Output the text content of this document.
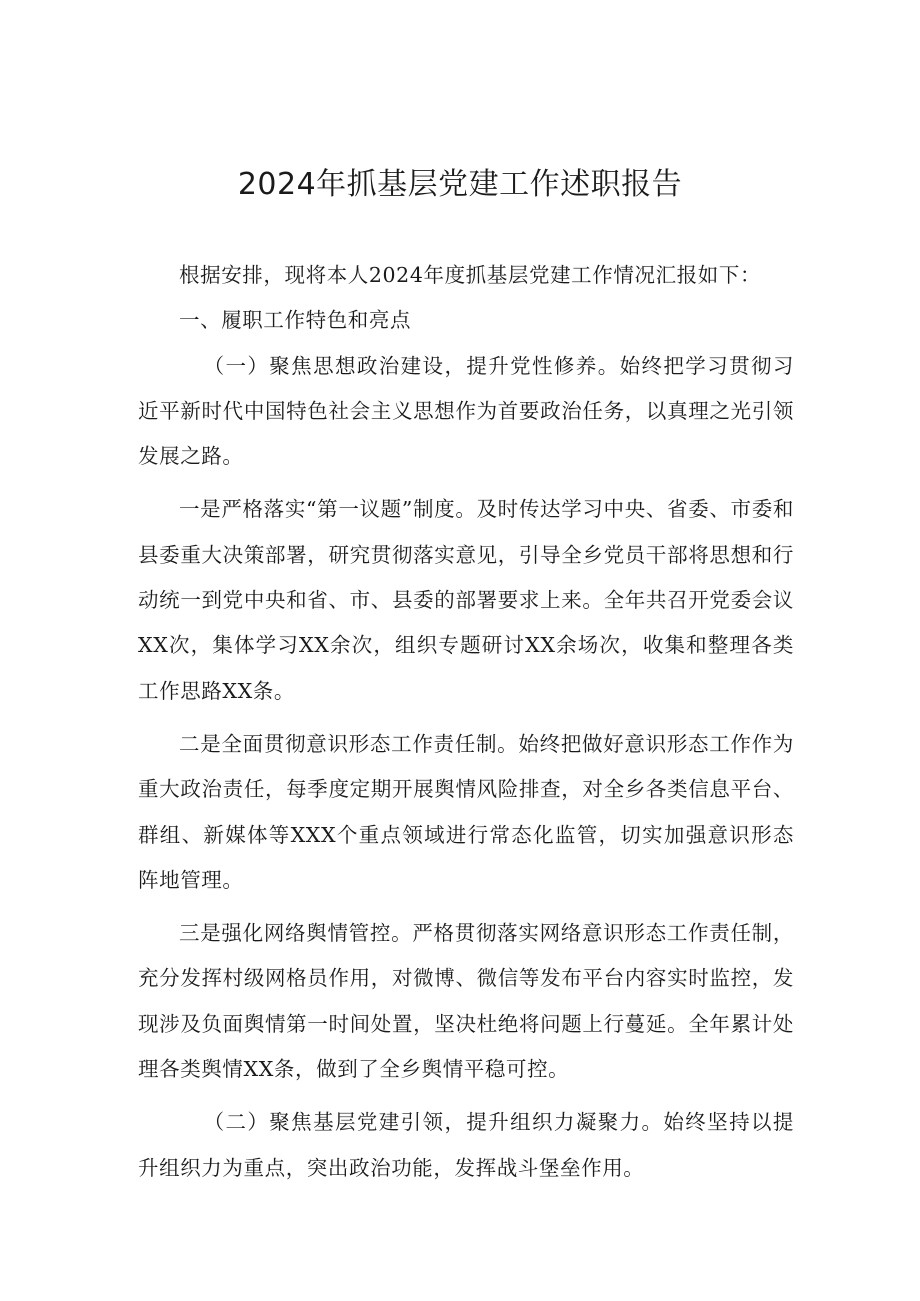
2024年抓基层党建工作述职报告

根据安排，现将本人2024年度抓基层党建工作情况汇报如下：

一、履职工作特色和亮点

（一）聚焦思想政治建设，提升党性修养。始终把学习贯彻习近平新时代中国特色社会主义思想作为首要政治任务，以真理之光引领发展之路。

一是严格落实“第一议题”制度。及时传达学习中央、省委、市委和县委重大决策部署，研究贯彻落实意见，引导全乡党员干部将思想和行动统一到党中央和省、市、县委的部署要求上来。全年共召开党委会议XX次，集体学习XX余次，组织专题研讨XX余场次，收集和整理各类工作思路XX条。

二是全面贯彻意识形态工作责任制。始终把做好意识形态工作作为重大政治责任，每季度定期开展舆情风险排查，对全乡各类信息平台、群组、新媒体等XXX个重点领域进行常态化监管，切实加强意识形态阵地管理。

三是强化网络舆情管控。严格贯彻落实网络意识形态工作责任制，充分发挥村级网格员作用，对微博、微信等发布平台内容实时监控，发现涉及负面舆情第一时间处置，坚决杜绝将问题上行蔓延。全年累计处理各类舆情XX条，做到了全乡舆情平稳可控。

（二）聚焦基层党建引领，提升组织力凝聚力。始终坚持以提升组织力为重点，突出政治功能，发挥战斗堡垒作用。
